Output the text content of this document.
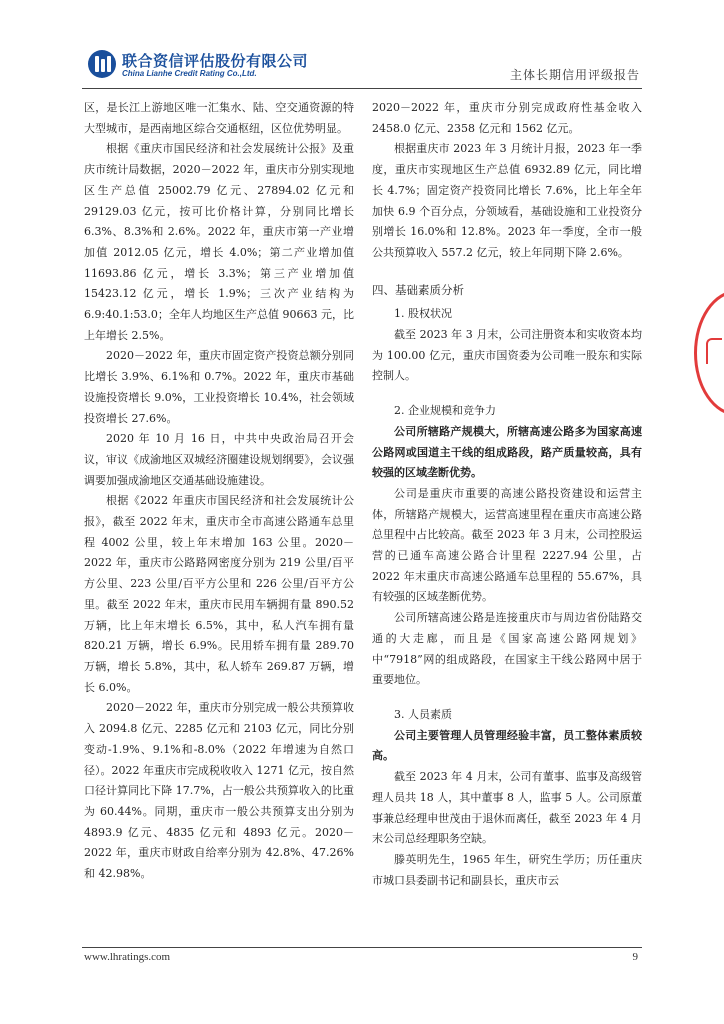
联合资信评估股份有限公司
China Lianhe Credit Rating Co.,Ltd.	主体长期信用评级报告

区，是长江上游地区唯一汇集水、陆、空交通资源的特大型城市，是西南地区综合交通枢纽，区位优势明显。

根据《重庆市国民经济和社会发展统计公报》及重庆市统计局数据，2020－2022 年，重庆市分别实现地区生产总值 25002.79 亿元、27894.02 亿元和 29129.03 亿元，按可比价格计算，分别同比增长 6.3%、8.3%和 2.6%。2022 年，重庆市第一产业增加值 2012.05 亿元，增长 4.0%；第二产业增加值 11693.86 亿元，增长 3.3%；第三产业增加值 15423.12 亿元，增长 1.9%；三次产业结构为 6.9:40.1:53.0；全年人均地区生产总值 90663 元，比上年增长 2.5%。

2020－2022 年，重庆市固定资产投资总额分别同比增长 3.9%、6.1%和 0.7%。2022 年，重庆市基础设施投资增长 9.0%，工业投资增长 10.4%，社会领域投资增长 27.6%。

2020 年 10 月 16 日，中共中央政治局召开会议，审议《成渝地区双城经济圈建设规划纲要》，会议强调要加强成渝地区交通基础设施建设。

根据《2022 年重庆市国民经济和社会发展统计公报》，截至 2022 年末，重庆市全市高速公路通车总里程 4002 公里，较上年末增加 163 公里。2020－2022 年，重庆市公路路网密度分别为 219 公里/百平方公里、223 公里/百平方公里和 226 公里/百平方公里。截至 2022 年末，重庆市民用车辆拥有量 890.52 万辆，比上年末增长 6.5%，其中，私人汽车拥有量 820.21 万辆，增长 6.9%。民用轿车拥有量 289.70 万辆，增长 5.8%，其中，私人轿车 269.87 万辆，增长 6.0%。

2020－2022 年，重庆市分别完成一般公共预算收入 2094.8 亿元、2285 亿元和 2103 亿元，同比分别变动-1.9%、9.1%和-8.0%（2022 年增速为自然口径）。2022 年重庆市完成税收收入 1271 亿元，按自然口径计算同比下降 17.7%，占一般公共预算收入的比重为 60.44%。同期，重庆市一般公共预算支出分别为 4893.9 亿元、4835 亿元和 4893 亿元。2020－2022 年，重庆市财政自给率分别为 42.8%、47.26%和 42.98%。

2020－2022 年，重庆市分别完成政府性基金收入 2458.0 亿元、2358 亿元和 1562 亿元。

根据重庆市 2023 年 3 月统计月报，2023 年一季度，重庆市实现地区生产总值 6932.89 亿元，同比增长 4.7%；固定资产投资同比增长 7.6%，比上年全年加快 6.9 个百分点，分领域看，基础设施和工业投资分别增长 16.0%和 12.8%。2023 年一季度，全市一般公共预算收入 557.2 亿元，较上年同期下降 2.6%。

四、基础素质分析
1. 股权状况

截至 2023 年 3 月末，公司注册资本和实收资本均为 100.00 亿元，重庆市国资委为公司唯一股东和实际控制人。

2. 企业规模和竞争力

公司所辖路产规模大，所辖高速公路多为国家高速公路网或国道主干线的组成路段，路产质量较高，具有较强的区域垄断优势。

公司是重庆市重要的高速公路投资建设和运营主体，所辖路产规模大，运营高速里程在重庆市高速公路总里程中占比较高。截至 2023 年 3 月末，公司控股运营的已通车高速公路合计里程 2227.94 公里，占 2022 年末重庆市高速公路通车总里程的 55.67%，具有较强的区域垄断优势。

公司所辖高速公路是连接重庆市与周边省份陆路交通的大走廊，而且是《国家高速公路网规划》中“7918”网的组成路段，在国家主干线公路网中居于重要地位。

3. 人员素质

公司主要管理人员管理经验丰富，员工整体素质较高。

截至 2023 年 4 月末，公司有董事、监事及高级管理人员共 18 人，其中董事 8 人，监事 5 人。公司原董事兼总经理申世茂由于退休而离任，截至 2023 年 4 月末公司总经理职务空缺。

滕英明先生，1965 年生，研究生学历；历任重庆市城口县委副书记和副县长，重庆市云

www.lhratings.com	9
